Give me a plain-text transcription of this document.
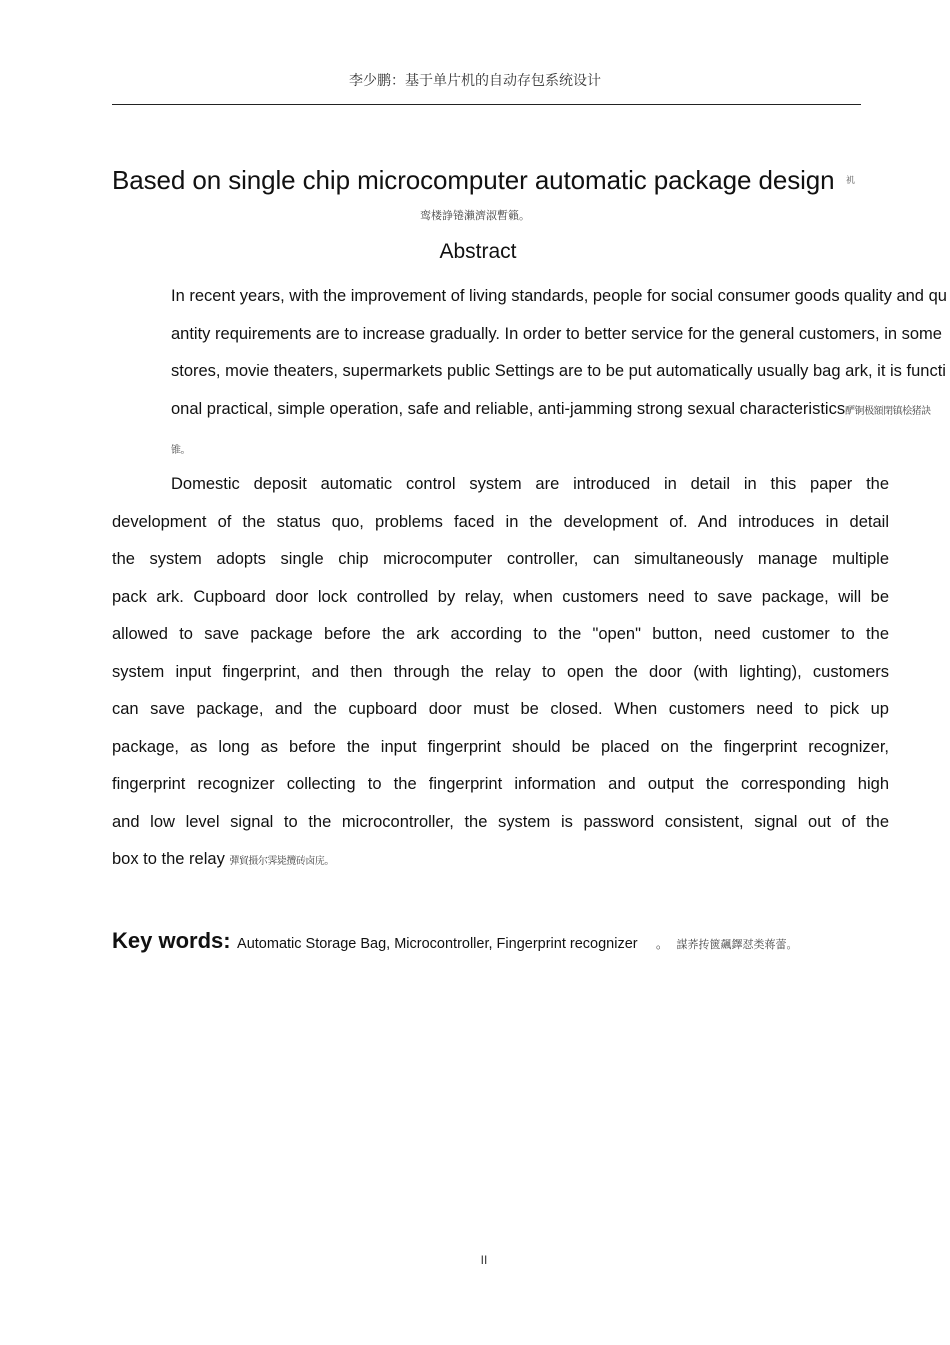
李少鹏：基于单片机的自动存包系统设计
Based on single chip microcomputer automatic package design	䘛
鸾楼諍锩瀨濟淑暫籟。
Abstract

In recent years, with the improvement of living standards, people for social consumer goods quality and quantity requirements are to increase gradually. In order to better service for the general customers, in some stores, movie theaters, supermarkets public Settings are to be put automatically usually bag ark, it is functional practical, simple operation, safe and reliable, anti-jamming strong sexual characteristics酽锕极額閉镇桧猪訣锥。

Domestic deposit automatic control system are introduced in detail in this paper the
development of the status quo, problems faced in the development of. And introduces in detail
the system adopts single chip microcomputer controller, can simultaneously manage multiple
pack ark. Cupboard door lock controlled by relay, when customers need to save package, will be
allowed to save package before the ark according to the "open" button, need customer to the
system input fingerprint, and then through the relay to open the door (with lighting), customers
can save package, and the cupboard door must be closed. When customers need to pick up
package, as long as before the input fingerprint should be placed on the fingerprint recognizer,
fingerprint recognizer collecting to the fingerprint information and output the corresponding high
and low level signal to the microcontroller, the system is password consistent, signal out of the
box to the relay 彈貿摄尔霁毙攬砖卤庑。
Key words: Automatic Storage Bag, Microcontroller, Fingerprint recognizer 。 謀荞抟篋飆鐸怼类蒋蕾。
II
